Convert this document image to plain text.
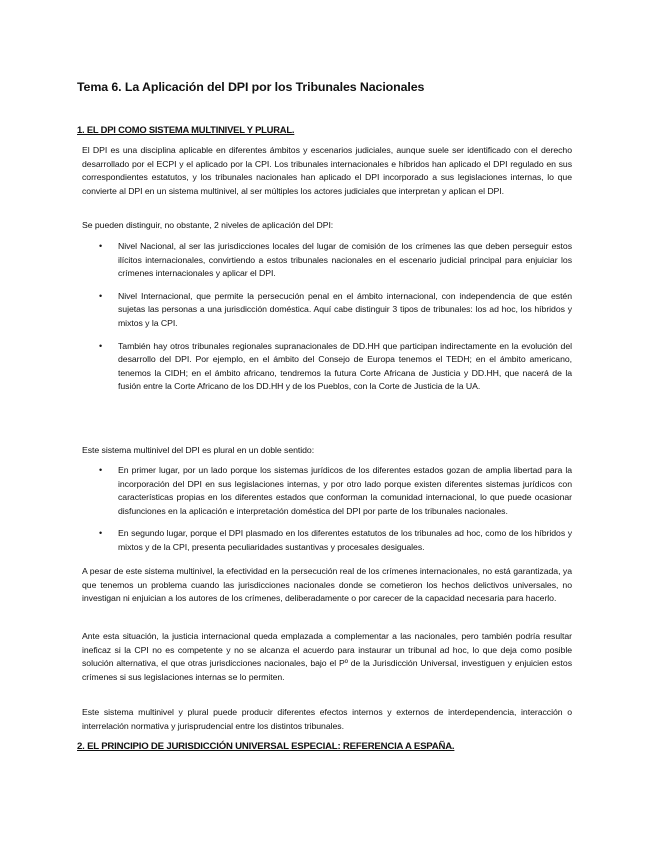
Tema 6. La Aplicación del DPI por los Tribunales Nacionales
1. EL DPI COMO SISTEMA MULTINIVEL Y PLURAL.
El DPI es una disciplina aplicable en diferentes ámbitos y escenarios judiciales, aunque suele ser identificado con el derecho desarrollado por el ECPI y el aplicado por la CPI. Los tribunales internacionales e híbridos han aplicado el DPI regulado en sus correspondientes estatutos, y los tribunales nacionales han aplicado el DPI incorporado a sus legislaciones internas, lo que convierte al DPI en un sistema multinivel, al ser múltiples los actores judiciales que interpretan y aplican el DPI.
Se pueden distinguir, no obstante, 2 niveles de aplicación del DPI:
• Nivel Nacional, al ser las jurisdicciones locales del lugar de comisión de los crímenes las que deben perseguir estos ilícitos internacionales, convirtiendo a estos tribunales nacionales en el escenario judicial principal para enjuiciar los crímenes internacionales y aplicar el DPI.
• Nivel Internacional, que permite la persecución penal en el ámbito internacional, con independencia de que estén sujetas las personas a una jurisdicción doméstica. Aquí cabe distinguir 3 tipos de tribunales: los ad hoc, los híbridos y mixtos y la CPI.
• También hay otros tribunales regionales supranacionales de DD.HH que participan indirectamente en la evolución del desarrollo del DPI. Por ejemplo, en el ámbito del Consejo de Europa tenemos el TEDH; en el ámbito americano, tenemos la CIDH; en el ámbito africano, tendremos la futura Corte Africana de Justicia y DD.HH, que nacerá de la fusión entre la Corte Africano de los DD.HH y de los Pueblos, con la Corte de Justicia de la UA.
Este sistema multinivel del DPI es plural en un doble sentido:
• En primer lugar, por un lado porque los sistemas jurídicos de los diferentes estados gozan de amplia libertad para la incorporación del DPI en sus legislaciones internas, y por otro lado porque existen diferentes sistemas jurídicos con características propias en los diferentes estados que conforman la comunidad internacional, lo que puede ocasionar disfunciones en la aplicación e interpretación doméstica del DPI por parte de los tribunales nacionales.
• En segundo lugar, porque el DPI plasmado en los diferentes estatutos de los tribunales ad hoc, como de los híbridos y mixtos y de la CPI, presenta peculiaridades sustantivas y procesales desiguales.
A pesar de este sistema multinivel, la efectividad en la persecución real de los crímenes internacionales, no está garantizada, ya que tenemos un problema cuando las jurisdicciones nacionales donde se cometieron los hechos delictivos universales, no investigan ni enjuician a los autores de los crímenes, deliberadamente o por carecer de la capacidad necesaria para hacerlo.
Ante esta situación, la justicia internacional queda emplazada a complementar a las nacionales, pero también podría resultar ineficaz si la CPI no es competente y no se alcanza el acuerdo para instaurar un tribunal ad hoc, lo que deja como posible solución alternativa, el que otras jurisdicciones nacionales, bajo el Pº de la Jurisdicción Universal, investiguen y enjuicien estos crímenes si sus legislaciones internas se lo permiten.
Este sistema multinivel y plural puede producir diferentes efectos internos y externos de interdependencia, interacción o interrelación normativa y jurisprudencial entre los distintos tribunales.
2. EL PRINCIPIO DE JURISDICCIÓN UNIVERSAL ESPECIAL: REFERENCIA A ESPAÑA.
